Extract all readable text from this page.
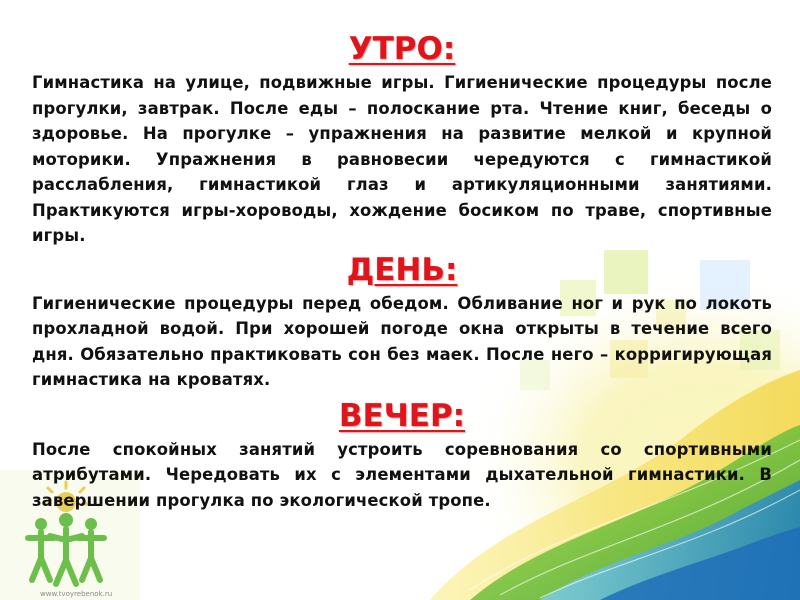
www.tvoyrebenok.ru
УТРО:

Гимнастика на улице, подвижные игры. Гигиенические процедуры после прогулки, завтрак. После еды – полоскание рта. Чтение книг, беседы о здоровье. На прогулке – упражнения на развитие мелкой и крупной моторики. Упражнения в равновесии чередуются с гимнастикой расслабления, гимнастикой глаз и артикуляционными занятиями. Практикуются игры-хороводы, хождение босиком по траве, спортивные игры.

ДЕНЬ:

Гигиенические процедуры перед обедом. Обливание ног и рук по локоть прохладной водой. При хорошей погоде окна открыты в течение всего дня. Обязательно практиковать сон без маек. После него – корригирующая гимнастика на кроватях.

ВЕЧЕР:

После спокойных занятий устроить соревнования со спортивными атрибутами. Чередовать их с элементами дыхательной гимнастики. В завершении прогулка по экологической тропе.
